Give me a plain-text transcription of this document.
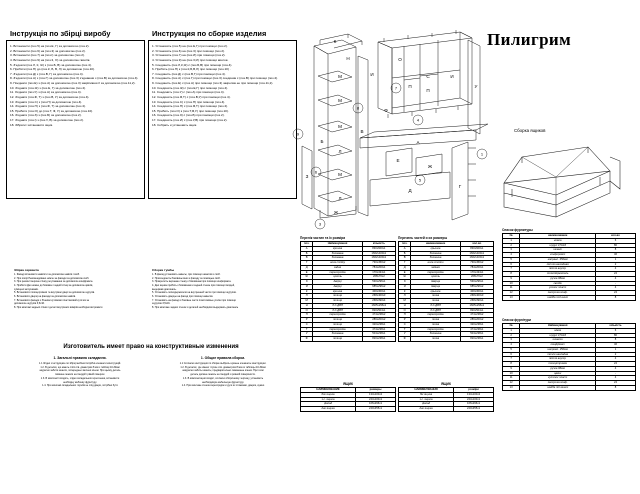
Інструкція по збірці виробу
1. Встановити (поз.5) на (поз.Е, Г) за допомогою (поз.2).
2. Встановити (поз.6) на (поз.3) за допомогою (поз.2).
3. Встановити (поз.7) на (поз.І) за допомогою (поз.2).
4. Встановити (поз.9) на (поз.3, О) за допомогою гвинтів.
5. З'єднати (поз.Л, К, Ж) з (поз.Б, В) за допомогою (поз.4).
6. Прибити (поз.Н) до (поз.К, Б, В, Л) за допомогою (поз.10).
7. З'єднати (поз.Д) з (поз.В, Г) за допомогою (поз.4).
8. З'єднати (поз.А) з (поз.Г) за допомогою (поз.3) з'єднавши з (поз.В) за допомогою (поз.4).
9. Поєднати (поз.Е) з (поз.А) за допомогою (поз.3) закріпивши її за допомогою (поз.11,2).
10. З'єднати (поз.Ж) з (поз.Е, Г) за допомогою (поз.4).
11. З'єднати (поз.У) з (поз.А) за допомогою (поз.4).
12. З'єднати (поз.Ф, Т) з (поз.В, У) за допомогою (поз.4).
13. З'єднати (поз.С) з (поз.П) за допомогою (поз.4).
14. З'єднати (поз.П) з (поз.Ф, Т) за допомогою (поз.4).
15. Прибити (поз.О) до (поз.Т, Ф, У) за допомогою (поз.10).
16. З'єднати (поз.З) з (поз.Б) за допомогою (поз.2).
17. З'єднати (поз.І) з (поз.У, В) за допомогою (поз.2).
18. Зібрати і встановити ящик.
Инструкция по сборке изделия
1. Установить (поз.5) на (поз.Е,Г) при помощи (поз.2).
2. Установить (поз.6) на (поз.3) при помощи (поз.2).
3. Установить (поз.7) на (поз.И) при помощи (поз.2).
4. Установить (поз.9) на (поз.3,И) при помощи винтов.
5. Соединить (поз.Л,К,Ж) с (поз.Б,В) при помощи (поз.4).
6. Прибить (поз.Н) к (поз.К,Б,В,Л) при помощи (поз.10) .
7. Соединить (поз.Д) с (поз.В,Г) при помощи (поз.4).
8. Соединить (поз.А) с (поз.Г) при помощи (поз.3) соединив с (поз.В) при помощи (поз.4).
9. Соединить (поз.Е) с (поз.А) при помощи (поз.3) закрепив ее при помощи (поз.11,2).
10. Соединить (поз.Ж) с (поз.Е,Г) при помощи (поз.4).
11. Соединить (поз.У) с (поз.А) при помощи (поз.4).
12. Соединить (поз.Ф,Т) с (поз.В,У) при помощи (поз.4).
13. Соединить (поз.С) с (поз.П) при помощи (поз.4).
14. Соединить (поз.П) с (поз.Ф,Т) при помощи (поз.4).
15. Прибить (поз.О) к (поз.Т,Ф,У) при помощи (поз.10).
16. Соединить (поз.З) с (поз.Б) при помощи (поз.2).
17. Соединить (поз.И) с (поз.У,В) при помощи (поз.2).
18. Собрать и установить ящик.
Пилигрим
К
Н
М
М
М
М
Л
Л
Б
В
Ж
З
И
О
С
П
П
Ф
И
У
А
Е
Ж
Д
Г
3
6
7
4
8
5
1
9
Сборка ящиков
Перелік частин та їх розміри
поз.	Найменування	кількість
А	кришка	830х600х1
Б	бокована	1662х400х1
В	бокована	1662х400х1
Г	нога стійку	730х450х2
Д	задня	784х200х1
Е	перегородка	170х434х1
Ж	цоколь	268х70х2
З	дверці	530х296х1
И	дверці	685х296х2
К	кришка	400х300х1
Л	полиця	268х400х3
М	полиця	268х390х4
Н	З.С.ДВП	1605х296х1
О	З.С.ДВП	820х504х1
П	перегородка	474х238х2
Р	полиця	286х200х2
С	полиця	320х238х1
Т	перегородка	474х238х1
У	бокована	504х238х1
Ф	полиця	820х238х1
Перечень частей и их размеры
поз.	наименование	кол-во
А	крышка	830х600х1
Б	боковина	1662х400х1
В	боковина	1662х400х1
Г	нога стойки	730х450х2
Д	задняя	784х200х1
Е	перегородка	170х434х1
Ж	цоколь	268х70х2
З	дверца	530х296х1
И	дверца	685х296х2
К	крышка	400х300х1
Л	полка	268х400х3
М	полка	268х390х4
Н	З.С.ДВП	1605х296х1
О	З.С.ДВП	820х504х1
П	перегородка	474х238х2
Р	полка	286х200х2
С	полка	320х238х1
Т	перегородка	474х238х1
У	боковина	504х238х1
Ф	полка	820х238х1
Список фурнитуры
№	наименование	кол-во
1	ножка	6
2	шуруп 3,5х16	80
3	шкант	8
4	конфирмат	46
5	направл. 350мм	1
6	петля накладная	2
7	петля внутр.	4
8	полкодержатель	24
9	ручка 96мм	4
10	гвозди	-
11	уголок пласт	4
12	заглушка конф.	24
13	шайба под винт	8
Список фурнітури
№	Найменування	кількість
1	ніжка	6
2	шуруп 3,5х16	80
3	шканти	8
4	конфірмат	46
5	напрямл. 350мм	1
6	петля накладна	2
7	петля внутр.	4
8	полицетримач	24
9	ручка 96мм	4
10	цвяхи	-
11	куточок пласт	4
12	заглушка конф.	24
13	шайба під гвинт	8
ЯЩИК
НАИМЕНОВАНИЕ	размеры
бок ящика	134х100х2
з.с. ящика	244х100х1
фасад	166х296х1
дно ящика	240х355х1
ЯЩИК
НАЙМЕНУВАННЯ	розміри
бік ящика	134х100х2
з.с. ящика	244х100х1
фасад	166х296х1
дно ящика	240х355х1
Збірка серванта
1. Фасад встановити навісити за допомогою навісів і скоб.
2. При опорі Рекомендовано нижче за фасади за допомогою скоб.
3. При ремонті верхню стінку регулювання за допомогою конфірмата.
4. Прибити Дно нижнє до боковин і задній стінці за допомогою цвяхів,
суміщені заглушками.
5. Встановити полицетримачі та внутрішні двері за допомогою шурупів.
6. Встановити дверці на фасади за допомогою навісів.
7. Встановити фасади з бічними кутовими пластиковий куточок за
допомогою шурупів 3,5х16.
8. При монтажі задньої стінки і деталі внутрішніх вимірів необхідно витримати
Сборка тумбы
1. В фасад установить навесы, при помощи шкантов и скоб.
2. Присоединить боковины вниз к фасаду за помощью скоб.
3. Прикрепить верхнюю стенку к боковинам при помощи конфирмата.
4. Дно ящика прибить к боковинам и задней стенке при помощи гвоздей,
выдержав диагональ.
5. Установить полкодержатели на внутренней части при помощи шурупов.
6. Установить дверцы на фасад при помощи навесов.
7. Установить на фасад и боковые части пластиковые уголки при помощи
шурупов 3,5х16.
8. При монтаже задних стенок и деталей необходимо выдержать диагональ
Изготовитель имеет право на конструктивные изменения
1. Загальні правила складання.
1.1 Згідно з інструкцією по збірці меблеві потрібні елементи конструкцій.
1.2. В деталях, що мають сліпі отв. діаметром 8 мм з таблиці 10-32мм
акуратно забити шканти, попередньо змочені клеєм. При цьому деталь
повинна лежати на твердій і рівній поверхні.
1.3. В комплекті входить, згідно складального креслення, встановити
необхідну меблеву фурнітуру.
1.4. При монтажі складальних і вузлів не слід двери, потрібно бути
1. Общие правила сборки.
1.1 Согласно инструкции по сборке выбрать нужные элементы конструкции.
1.2. В деталях, где имеют глухие отв. диаметром 8 мм из таблицы 10-32мм
аккуратно забить шканты, предварительно смазанные клеем. При этом
деталь должна лежать на твердой и ровной поверхности.
1.3. В комплектации входят, согласно сборочному чертежу, установить
необходимую мебельную фурнитуру.
1.4. При монтаже стенок-перегородок и дуги их стяжками, дверок, нужно
